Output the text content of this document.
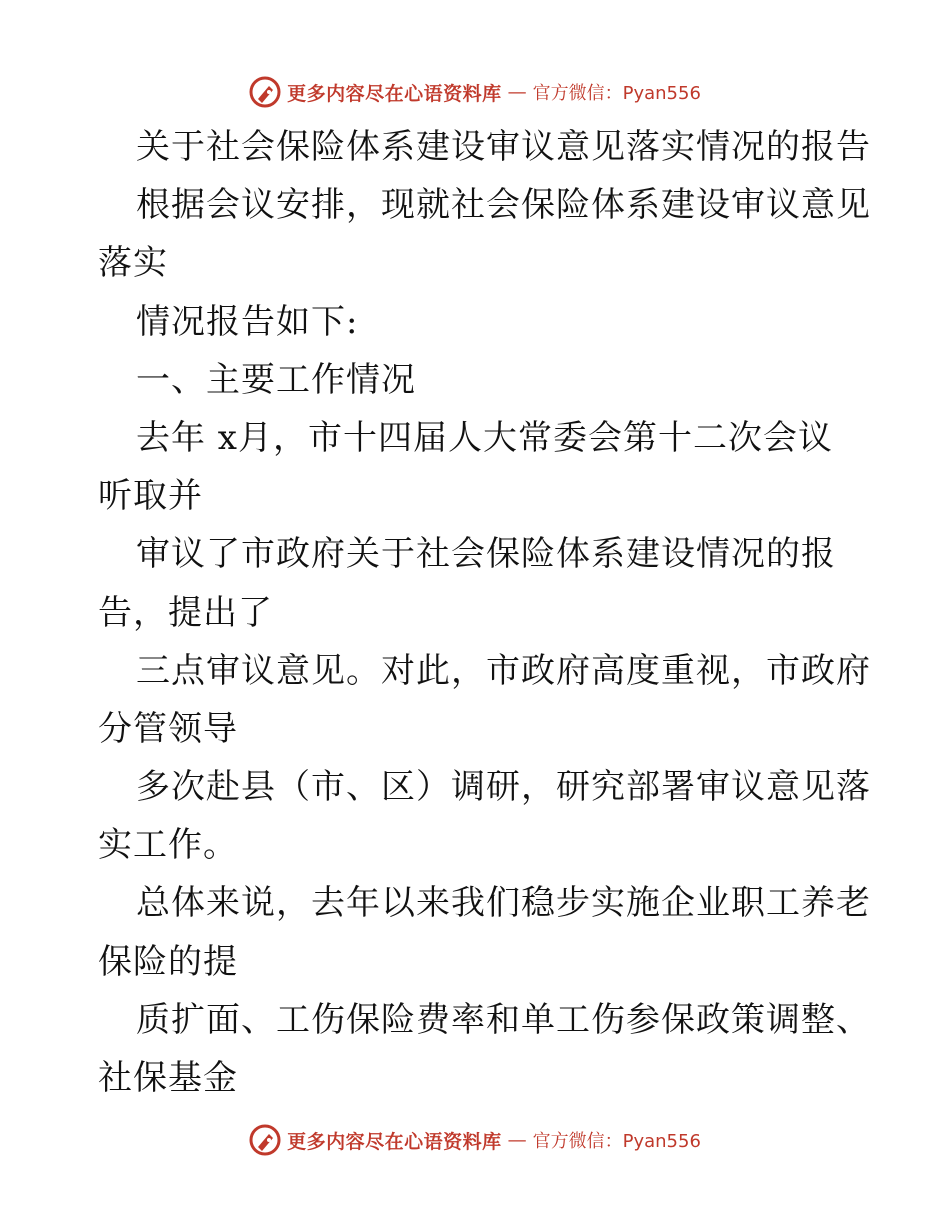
更多内容尽在心语资料库 — 官方微信：Pyan556
关于社会保险体系建设审议意见落实情况的报告
根据会议安排，现就社会保险体系建设审议意见
落实
情况报告如下:
一、主要工作情况
去年 x月，市十四届人大常委会第十二次会议
听取并
审议了市政府关于社会保险体系建设情况的报
告，提出了
三点审议意见。对此，市政府高度重视，市政府
分管领导
多次赴县（市、区）调研，研究部署审议意见落
实工作。
总体来说，去年以来我们稳步实施企业职工养老
保险的提
质扩面、工伤保险费率和单工伤参保政策调整、
社保基金
更多内容尽在心语资料库 — 官方微信：Pyan556
